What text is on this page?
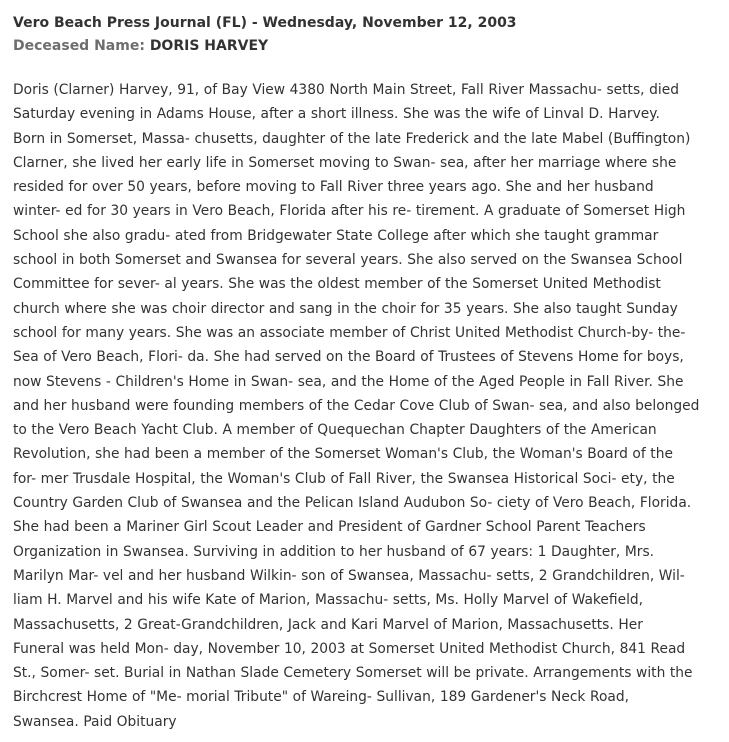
Vero Beach Press Journal (FL) - Wednesday, November 12, 2003
Deceased Name: DORIS HARVEY
Doris (Clarner) Harvey, 91, of Bay View 4380 North Main Street, Fall River Massachu- setts, died
Saturday evening in Adams House, after a short illness. She was the wife of Linval D. Harvey.
Born in Somerset, Massa- chusetts, daughter of the late Frederick and the late Mabel (Buffington)
Clarner, she lived her early life in Somerset moving to Swan- sea, after her marriage where she
resided for over 50 years, before moving to Fall River three years ago. She and her husband
winter- ed for 30 years in Vero Beach, Florida after his re- tirement. A graduate of Somerset High
School she also gradu- ated from Bridgewater State College after which she taught grammar
school in both Somerset and Swansea for several years. She also served on the Swansea School
Committee for sever- al years. She was the oldest member of the Somerset United Methodist
church where she was choir director and sang in the choir for 35 years. She also taught Sunday
school for many years. She was an associate member of Christ United Methodist Church-by- the-
Sea of Vero Beach, Flori- da. She had served on the Board of Trustees of Stevens Home for boys,
now Stevens - Children's Home in Swan- sea, and the Home of the Aged People in Fall River. She
and her husband were founding members of the Cedar Cove Club of Swan- sea, and also belonged
to the Vero Beach Yacht Club. A member of Quequechan Chapter Daughters of the American
Revolution, she had been a member of the Somerset Woman's Club, the Woman's Board of the
for- mer Trusdale Hospital, the Woman's Club of Fall River, the Swansea Historical Soci- ety, the
Country Garden Club of Swansea and the Pelican Island Audubon So- ciety of Vero Beach, Florida.
She had been a Mariner Girl Scout Leader and President of Gardner School Parent Teachers
Organization in Swansea. Surviving in addition to her husband of 67 years: 1 Daughter, Mrs.
Marilyn Mar- vel and her husband Wilkin- son of Swansea, Massachu- setts, 2 Grandchildren, Wil-
liam H. Marvel and his wife Kate of Marion, Massachu- setts, Ms. Holly Marvel of Wakefield,
Massachusetts, 2 Great-Grandchildren, Jack and Kari Marvel of Marion, Massachusetts. Her
Funeral was held Mon- day, November 10, 2003 at Somerset United Methodist Church, 841 Read
St., Somer- set. Burial in Nathan Slade Cemetery Somerset will be private. Arrangements with the
Birchcrest Home of "Me- morial Tribute" of Wareing- Sullivan, 189 Gardener's Neck Road,
Swansea. Paid Obituary
